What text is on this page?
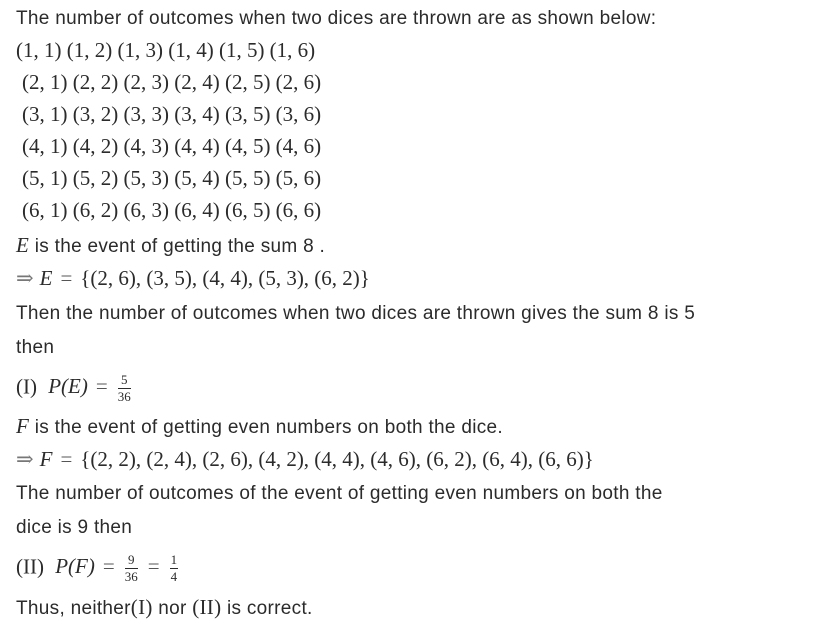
The number of outcomes when two dices are thrown are as shown below:
(1, 1) (1, 2) (1, 3) (1, 4) (1, 5) (1, 6)
(2, 1) (2, 2) (2, 3) (2, 4) (2, 5) (2, 6)
(3, 1) (3, 2) (3, 3) (3, 4) (3, 5) (3, 6)
(4, 1) (4, 2) (4, 3) (4, 4) (4, 5) (4, 6)
(5, 1) (5, 2) (5, 3) (5, 4) (5, 5) (5, 6)
(6, 1) (6, 2) (6, 3) (6, 4) (6, 5) (6, 6)
E is the event of getting the sum 8 .
⇒ E = {(2, 6), (3, 5), (4, 4), (5, 3), (6, 2)}
Then the number of outcomes when two dices are thrown gives the sum 8 is 5
then
(I) $P(E) = \frac{5}{36}$
F is the event of getting even numbers on both the dice.
⇒ F = {(2, 2), (2, 4), (2, 6), (4, 2), (4, 4), (4, 6), (6, 2), (6, 4), (6, 6)}
The number of outcomes of the event of getting even numbers on both the
dice is 9 then
(II) $P(F) = \frac{9}{36} = \frac{1}{4}$
Thus, neither(I) nor (II) is correct.
